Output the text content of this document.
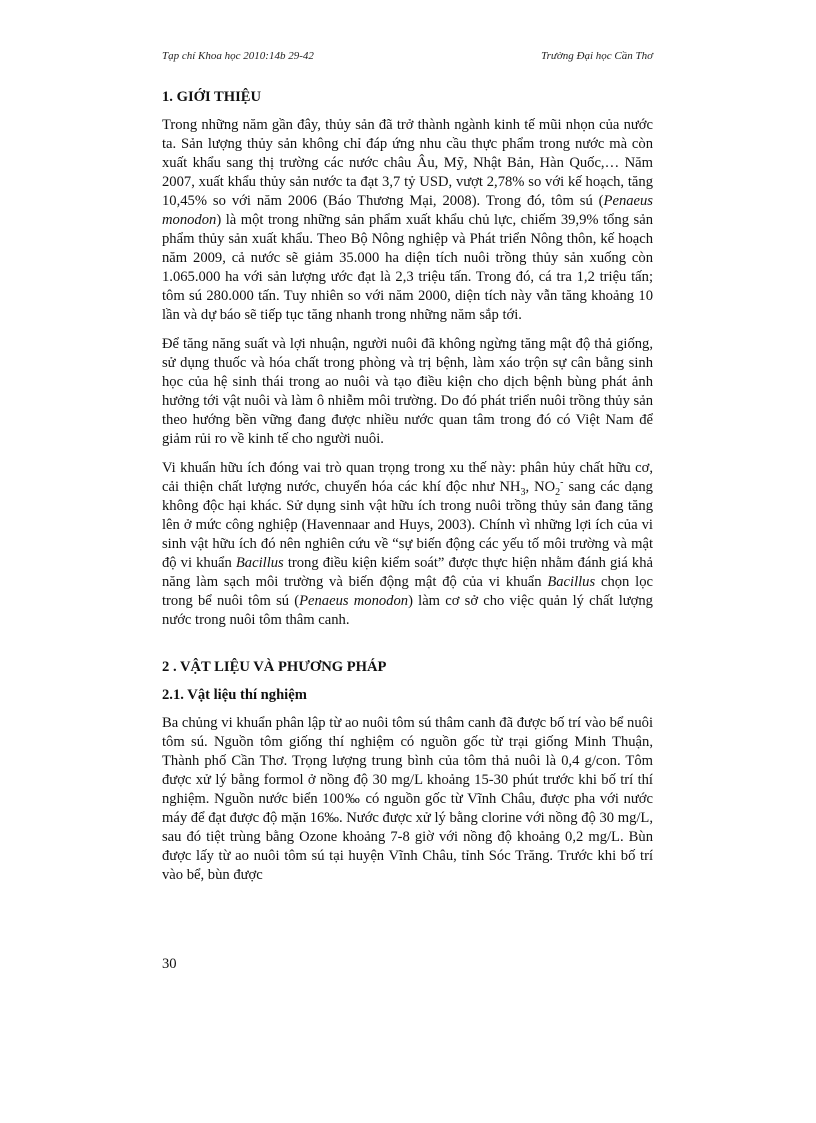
Tạp chí Khoa học 2010:14b 29-42	Trường Đại học Cần Thơ
1. GIỚI THIỆU

Trong những năm gần đây, thủy sản đã trở thành ngành kinh tế mũi nhọn của nước ta. Sản lượng thủy sản không chỉ đáp ứng nhu cầu thực phẩm trong nước mà còn xuất khẩu sang thị trường các nước châu Âu, Mỹ, Nhật Bản, Hàn Quốc,… Năm 2007, xuất khẩu thủy sản nước ta đạt 3,7 tỷ USD, vượt 2,78% so với kế hoạch, tăng 10,45% so với năm 2006 (Báo Thương Mại, 2008). Trong đó, tôm sú (Penaeus monodon) là một trong những sản phẩm xuất khẩu chủ lực, chiếm 39,9% tổng sản phẩm thủy sản xuất khẩu. Theo Bộ Nông nghiệp và Phát triển Nông thôn, kế hoạch năm 2009, cả nước sẽ giảm 35.000 ha diện tích nuôi trồng thủy sản xuống còn 1.065.000 ha với sản lượng ước đạt là 2,3 triệu tấn. Trong đó, cá tra 1,2 triệu tấn; tôm sú 280.000 tấn. Tuy nhiên so với năm 2000, diện tích này vẫn tăng khoảng 10 lần và dự báo sẽ tiếp tục tăng nhanh trong những năm sắp tới.

Để tăng năng suất và lợi nhuận, người nuôi đã không ngừng tăng mật độ thả giống, sử dụng thuốc và hóa chất trong phòng và trị bệnh, làm xáo trộn sự cân bằng sinh học của hệ sinh thái trong ao nuôi và tạo điều kiện cho dịch bệnh bùng phát ảnh hưởng tới vật nuôi và làm ô nhiễm môi trường. Do đó phát triển nuôi trồng thủy sản theo hướng bền vững đang được nhiều nước quan tâm trong đó có Việt Nam để giảm rủi ro về kinh tế cho người nuôi.

Vi khuẩn hữu ích đóng vai trò quan trọng trong xu thế này: phân hủy chất hữu cơ, cải thiện chất lượng nước, chuyển hóa các khí độc như $NH_3$, $NO_2^-$ sang các dạng không độc hại khác. Sử dụng sinh vật hữu ích trong nuôi trồng thủy sản đang tăng lên ở mức công nghiệp (Havennaar and Huys, 2003). Chính vì những lợi ích của vi sinh vật hữu ích đó nên nghiên cứu về “sự biến động các yếu tố môi trường và mật độ vi khuẩn Bacillus trong điều kiện kiểm soát” được thực hiện nhằm đánh giá khả năng làm sạch môi trường và biến động mật độ của vi khuẩn Bacillus chọn lọc trong bể nuôi tôm sú (Penaeus monodon) làm cơ sở cho việc quản lý chất lượng nước trong nuôi tôm thâm canh.

2 . VẬT LIỆU VÀ PHƯƠNG PHÁP
2.1. Vật liệu thí nghiệm

Ba chủng vi khuẩn phân lập từ ao nuôi tôm sú thâm canh đã được bố trí vào bể nuôi tôm sú. Nguồn tôm giống thí nghiệm có nguồn gốc từ trại giống Minh Thuận, Thành phố Cần Thơ. Trọng lượng trung bình của tôm thả nuôi là 0,4 g/con. Tôm được xử lý bằng formol ở nồng độ 30 mg/L khoảng 15-30 phút trước khi bố trí thí nghiệm. Nguồn nước biển 100‰ có nguồn gốc từ Vĩnh Châu, được pha với nước máy để đạt được độ mặn 16‰. Nước được xử lý bằng clorine với nồng độ 30 mg/L, sau đó tiệt trùng bằng Ozone khoảng 7-8 giờ với nồng độ khoảng 0,2 mg/L. Bùn được lấy từ ao nuôi tôm sú tại huyện Vĩnh Châu, tỉnh Sóc Trăng. Trước khi bố trí vào bể, bùn được

30
